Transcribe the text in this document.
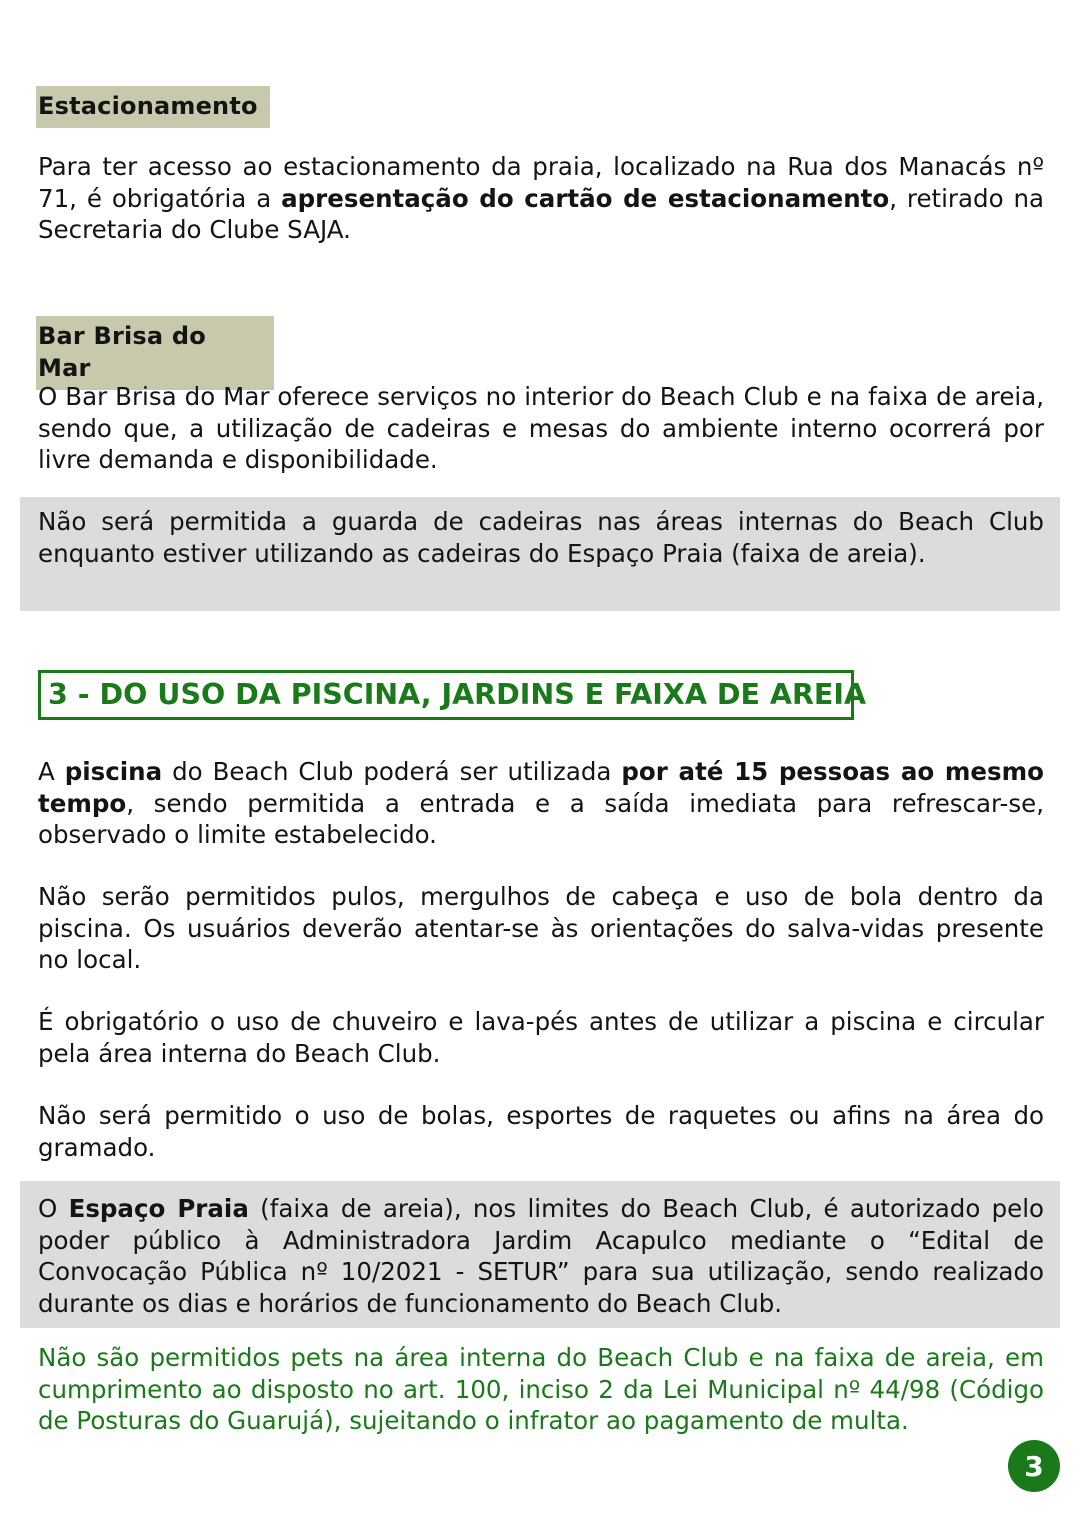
Estacionamento

Para ter acesso ao estacionamento da praia, localizado na Rua dos Manacás nº 71, é obrigatória a apresentação do cartão de estacionamento, retirado na Secretaria do Clube SAJA.

Bar Brisa do Mar

O Bar Brisa do Mar oferece serviços no interior do Beach Club e na faixa de areia, sendo que, a utilização de cadeiras e mesas do ambiente interno ocorrerá por livre demanda e disponibilidade.

Não será permitida a guarda de cadeiras nas áreas internas do Beach Club enquanto estiver utilizando as cadeiras do Espaço Praia (faixa de areia).

3 - DO USO DA PISCINA, JARDINS E FAIXA DE AREIA

A piscina do Beach Club poderá ser utilizada por até 15 pessoas ao mesmo tempo, sendo permitida a entrada e a saída imediata para refrescar-se, observado o limite estabelecido.

Não serão permitidos pulos, mergulhos de cabeça e uso de bola dentro da piscina. Os usuários deverão atentar-se às orientações do salva-vidas presente no local.

É obrigatório o uso de chuveiro e lava-pés antes de utilizar a piscina e circular pela área interna do Beach Club.

Não será permitido o uso de bolas, esportes de raquetes ou afins na área do gramado.

O Espaço Praia (faixa de areia), nos limites do Beach Club, é autorizado pelo poder público à Administradora Jardim Acapulco mediante o “Edital de Convocação Pública nº 10/2021 - SETUR” para sua utilização, sendo realizado durante os dias e horários de funcionamento do Beach Club.

Não são permitidos pets na área interna do Beach Club e na faixa de areia, em cumprimento ao disposto no art. 100, inciso 2 da Lei Municipal nº 44/98 (Código de Posturas do Guarujá), sujeitando o infrator ao pagamento de multa.

3
